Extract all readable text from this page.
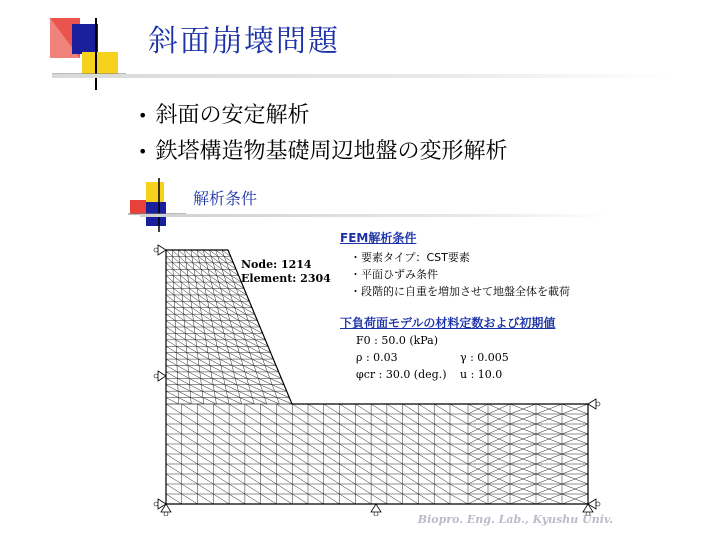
斜面崩壊問題
• 斜面の安定解析
• 鉄塔構造物基礎周辺地盤の変形解析
解析条件
Node: 1214
Element: 2304
FEM解析条件
・要素タイプ：CST要素
・平面ひずみ条件
・段階的に自重を増加させて地盤全体を載荷
下負荷面モデルの材料定数および初期値
F0 : 50.0 (kPa)
ρ : 0.03	γ : 0.005
φcr : 30.0 (deg.) u : 10.0
Biopro. Eng. Lab., Kyushu Univ.
